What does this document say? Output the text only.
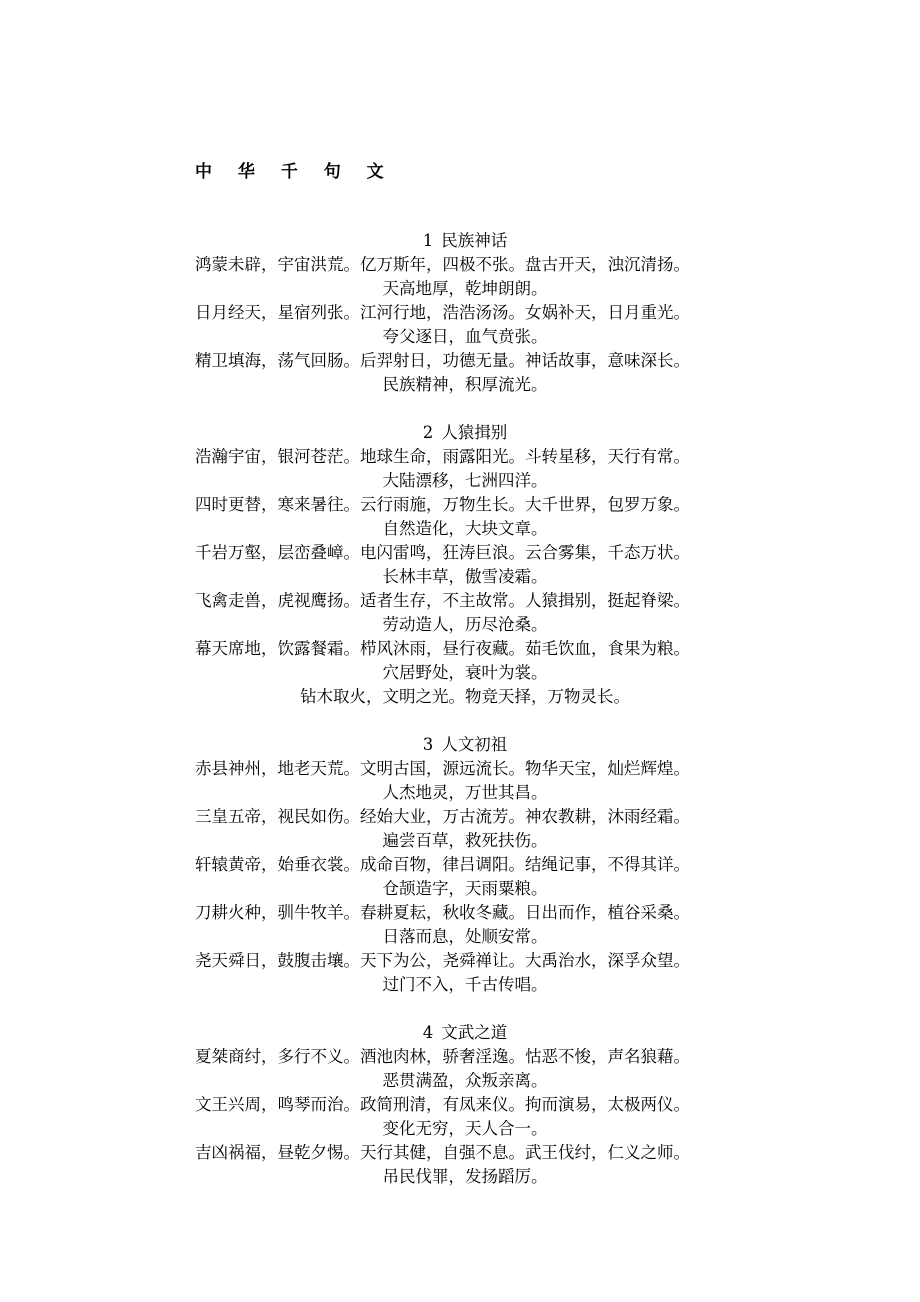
中 华 千 句 文
1 民族神话
鸿蒙未辟，宇宙洪荒。亿万斯年，四极不张。盘古开天，浊沉清扬。
天高地厚，乾坤朗朗。
日月经天，星宿列张。江河行地，浩浩汤汤。女娲补天，日月重光。
夸父逐日，血气贲张。
精卫填海，荡气回肠。后羿射日，功德无量。神话故事，意味深长。
民族精神，积厚流光。
2 人猿揖别
浩瀚宇宙，银河苍茫。地球生命，雨露阳光。斗转星移，天行有常。
大陆漂移，七洲四洋。
四时更替，寒来暑往。云行雨施，万物生长。大千世界，包罗万象。
自然造化，大块文章。
千岩万壑，层峦叠嶂。电闪雷鸣，狂涛巨浪。云合雾集，千态万状。
长林丰草，傲雪凌霜。
飞禽走兽，虎视鹰扬。适者生存，不主故常。人猿揖别，挺起脊梁。
劳动造人，历尽沧桑。
幕天席地，饮露餐霜。栉风沐雨，昼行夜藏。茹毛饮血，食果为粮。
穴居野处，衰叶为裳。
钻木取火，文明之光。物竞天择，万物灵长。
3 人文初祖
赤县神州，地老天荒。文明古国，源远流长。物华天宝，灿烂辉煌。
人杰地灵，万世其昌。
三皇五帝，视民如伤。经始大业，万古流芳。神农教耕，沐雨经霜。
遍尝百草，救死扶伤。
轩辕黄帝，始垂衣裳。成命百物，律吕调阳。结绳记事，不得其详。
仓颉造字，天雨粟粮。
刀耕火种，驯牛牧羊。春耕夏耘，秋收冬藏。日出而作，植谷采桑。
日落而息，处顺安常。
尧天舜日，鼓腹击壤。天下为公，尧舜禅让。大禹治水，深孚众望。
过门不入，千古传唱。
4 文武之道
夏桀商纣，多行不义。酒池肉林，骄奢淫逸。怙恶不悛，声名狼藉。
恶贯满盈，众叛亲离。
文王兴周，鸣琴而治。政简刑清，有凤来仪。拘而演易，太极两仪。
变化无穷，天人合一。
吉凶祸福，昼乾夕惕。天行其健，自强不息。武王伐纣，仁义之师。
吊民伐罪，发扬蹈厉。
